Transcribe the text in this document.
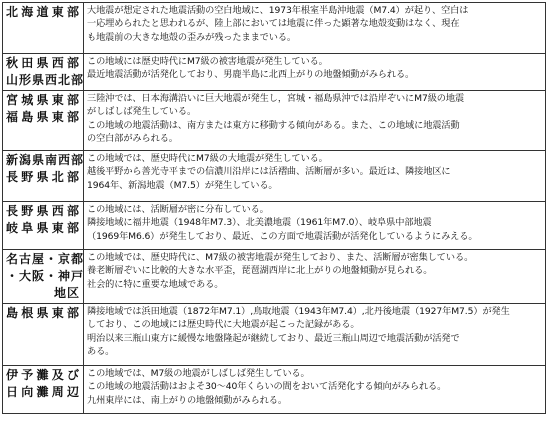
北海道東部	大地震が想定された地震活動の空白地域に、1973年根室半島沖地震（M7.4）が起り、空白は
一応埋められたと思われるが、陸上部においては地震に伴った顕著な地殻変動はなく、現在
も地震前の大きな地殻の歪みが残ったままでいる。

秋田県西部
山形県西北部	この地域には歴史時代にM7級の被害地震が発生している。
最近地震活動が活発化しており、男鹿半島に北西上がりの地盤傾動がみられる。

宮城県東部
福島県東部	三陸沖では、日本海溝沿いに巨大地震が発生し，宮城・福島県沖では沿岸ぞいにM7級の地震
がしばしば発生している。
この地域の地震活動は、南方または東方に移動する傾向がある。また、この地域に地震活動
の空白部がみられる。

新潟県南西部
長野県北部	この地域では、歴史時代にM7級の大地震が発生している。
越後平野から善光寺平までの信濃川沿岸には活褶曲、活断層が多い。最近は、隣接地区に
1964年、新潟地震（M7.5）が発生している。

長野県西部
岐阜県東部	この地域には、活断層が密に分布している。
隣接地域に福井地震（1948年M7.3）、北美濃地震（1961年M7.0）、岐阜県中部地震
（1969年M6.6）が発生しており、最近、この方面で地震活動が活発化しているようにみえる。

名古屋・京都
・大阪・神戸
地区	この地域では、歴史時代に、M7級の被害地震が発生しており、また、活断層が密集している。
養老断層ぞいに比較的大きな水平歪，琵琶湖西岸に北上がりの地盤傾動が見られる。
社会的に特に重要な地域である。

島根県東部	隣接地域では浜田地震（1872年M7.1）,鳥取地震（1943年M7.4）,北丹後地震（1927年M7.5）が発生
しており、この地域には歴史時代に大地震が起こった記録がある。
明治以来三瓶山東方に緩慢な地盤隆起が継続しており、最近三瓶山周辺で地震活動が活発で
ある。

伊予灘及び
日向灘周辺	この地域では、M7級の地震がしばしば発生している。
この地域の地震活動はおよそ30〜40年くらいの間をおいて活発化する傾向がみられる。
九州東岸には、南上がりの地盤傾動がみられる。
